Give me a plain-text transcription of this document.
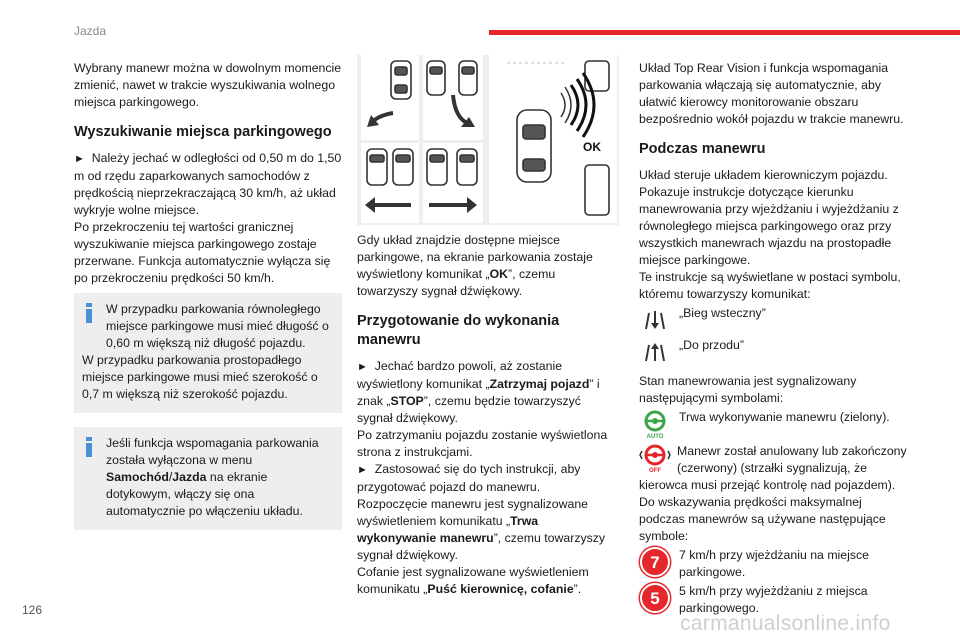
Jazda

Wybrany manewr można w dowolnym momencie zmienić, nawet w trakcie wyszukiwania wolnego miejsca parkingowego.

Wyszukiwanie miejsca parkingowego

► Należy jechać w odległości od 0,50 m do 1,50 m od rzędu zaparkowanych samochodów z prędkością nieprzekraczającą 30 km/h, aż układ wykryje wolne miejsce.

Po przekroczeniu tej wartości granicznej wyszukiwanie miejsca parkingowego zostaje przerwane. Funkcja automatycznie wyłącza się po przekroczeniu prędkości 50 km/h.

W przypadku parkowania równoległego miejsce parkingowe musi mieć długość o 0,60 m większą niż długość pojazdu.

W przypadku parkowania prostopadłego miejsce parkingowe musi mieć szerokość o 0,7 m większą niż szerokość pojazdu.

Jeśli funkcja wspomagania parkowania została wyłączona w menu Samochód/Jazda na ekranie dotykowym, włączy się ona automatycznie po włączeniu układu.

OK

Gdy układ znajdzie dostępne miejsce parkingowe, na ekranie parkowania zostaje wyświetlony komunikat „OK”, czemu towarzyszy sygnał dźwiękowy.

Przygotowanie do wykonania manewru

► Jechać bardzo powoli, aż zostanie wyświetlony komunikat „Zatrzymaj pojazd” i znak „STOP”, czemu będzie towarzyszyć sygnał dźwiękowy.

Po zatrzymaniu pojazdu zostanie wyświetlona strona z instrukcjami.

► Zastosować się do tych instrukcji, aby przygotować pojazd do manewru.

Rozpoczęcie manewru jest sygnalizowane wyświetleniem komunikatu „Trwa wykonywanie manewru”, czemu towarzyszy sygnał dźwiękowy.

Cofanie jest sygnalizowane wyświetleniem komunikatu „Puść kierownicę, cofanie”.

Układ Top Rear Vision i funkcja wspomagania parkowania włączają się automatycznie, aby ułatwić kierowcy monitorowanie obszaru bezpośrednio wokół pojazdu w trakcie manewru.

Podczas manewru

Układ steruje układem kierowniczym pojazdu. Pokazuje instrukcje dotyczące kierunku manewrowania przy wjeżdżaniu i wyjeżdżaniu z równoległego miejsca parkingowego oraz przy wszystkich manewrach wjazdu na prostopadłe miejsce parkingowe.

Te instrukcje są wyświetlane w postaci symbolu, któremu towarzyszy komunikat:

„Bieg wsteczny”
„Do przodu”

Stan manewrowania jest sygnalizowany następującymi symbolami:

AUTO
Trwa wykonywanie manewru (zielony).
OFF
Manewr został anulowany lub zakończony (czerwony) (strzałki sygnalizują, że kierowca musi przejąć kontrolę nad pojazdem).

Do wskazywania prędkości maksymalnej podczas manewrów są używane następujące symbole:

7	7 km/h przy wjeżdżaniu na miejsce parkingowe.
5	5 km/h przy wyjeżdżaniu z miejsca parkingowego.
126
carmanualsonline.info
